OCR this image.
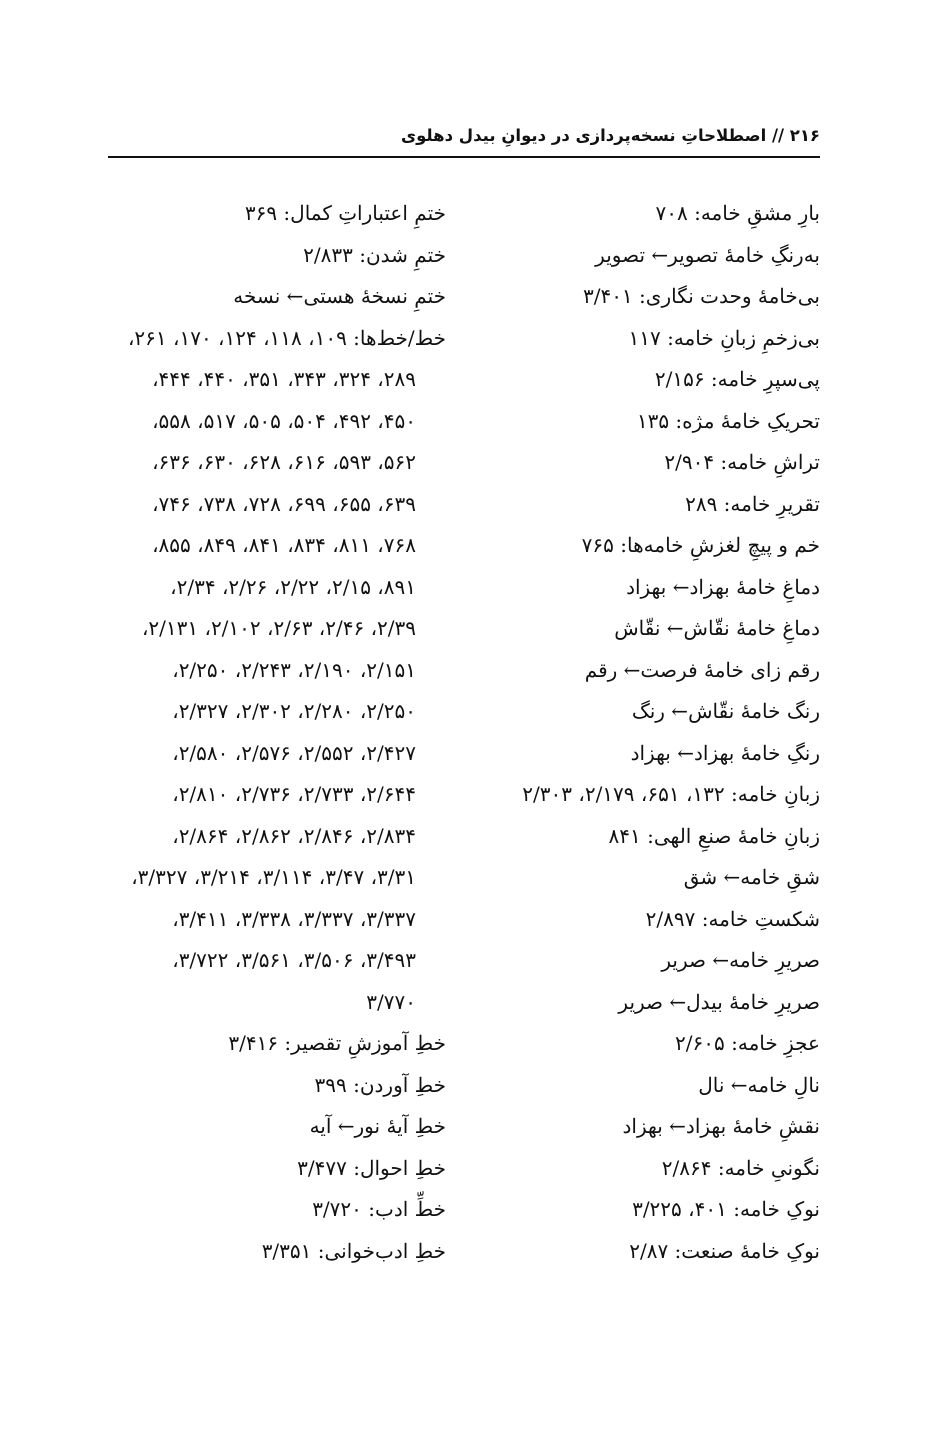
۲۱۶ // اصطلاحاتِ نسخه‌پردازی در دیوانِ بیدل دهلوی
بارِ مشقِ خامه: ۷۰۸
به‌رنگِ خامۀ تصویر← تصویر
بی‌خامۀ وحدت نگاری: ۳/۴۰۱
بی‌زخمِ زبانِ خامه: ۱۱۷
پی‌سپرِ خامه: ۲/۱۵۶
تحریکِ خامۀ مژه: ۱۳۵
تراشِ خامه: ۲/۹۰۴
تقریرِ خامه: ۲۸۹
خم و پیچِ لغزشِ خامه‌ها: ۷۶۵
دماغِ خامۀ بهزاد← بهزاد
دماغِ خامۀ نقّاش← نقّاش
رقم زای خامۀ فرصت← رقم
رنگ خامۀ نقّاش← رنگ
رنگِ خامۀ بهزاد← بهزاد
زبانِ خامه: ۱۳۲، ۶۵۱، ۲/۱۷۹، ۲/۳۰۳
زبانِ خامۀ صنعِ الهی: ۸۴۱
شقِ خامه← شق
شکستِ خامه: ۲/۸۹۷
صریرِ خامه← صریر
صریرِ خامۀ بیدل← صریر
عجزِ خامه: ۲/۶۰۵
نالِ خامه← نال
نقشِ خامۀ بهزاد← بهزاد
نگونیِ خامه: ۲/۸۶۴
نوکِ خامه: ۴۰۱، ۳/۲۲۵
نوکِ خامۀ صنعت: ۲/۸۷
ختمِ اعتباراتِ کمال: ۳۶۹
ختمِ شدن: ۲/۸۳۳
ختمِ نسخۀ هستی← نسخه
خط/خط‌ها: ۱۰۹، ۱۱۸، ۱۲۴، ۱۷۰، ۲۶۱،
۲۸۹، ۳۲۴، ۳۴۳، ۳۵۱، ۴۴۰، ۴۴۴،
۴۵۰، ۴۹۲، ۵۰۴، ۵۰۵، ۵۱۷، ۵۵۸،
۵۶۲، ۵۹۳، ۶۱۶، ۶۲۸، ۶۳۰، ۶۳۶،
۶۳۹، ۶۵۵، ۶۹۹، ۷۲۸، ۷۳۸، ۷۴۶،
۷۶۸، ۸۱۱، ۸۳۴، ۸۴۱، ۸۴۹، ۸۵۵،
۸۹۱، ۲/۱۵، ۲/۲۲، ۲/۲۶، ۲/۳۴،
۲/۳۹، ۲/۴۶، ۲/۶۳، ۲/۱۰۲، ۲/۱۳۱،
۲/۱۵۱، ۲/۱۹۰، ۲/۲۴۳، ۲/۲۵۰،
۲/۲۵۰، ۲/۲۸۰، ۲/۳۰۲، ۲/۳۲۷،
۲/۴۲۷، ۲/۵۵۲، ۲/۵۷۶، ۲/۵۸۰،
۲/۶۴۴، ۲/۷۳۳، ۲/۷۳۶، ۲/۸۱۰،
۲/۸۳۴، ۲/۸۴۶، ۲/۸۶۲، ۲/۸۶۴،
۳/۳۱، ۳/۴۷، ۳/۱۱۴، ۳/۲۱۴، ۳/۳۲۷،
۳/۳۳۷، ۳/۳۳۷، ۳/۳۳۸، ۳/۴۱۱،
۳/۴۹۳، ۳/۵۰۶، ۳/۵۶۱، ۳/۷۲۲،
۳/۷۷۰
خطِ آموزشِ تقصیر: ۳/۴۱۶
خطِ آوردن: ۳۹۹
خطِ آیۀ نور← آیه
خطِ احوال: ۳/۴۷۷
خطِّ ادب: ۳/۷۲۰
خطِ ادب‌خوانی: ۳/۳۵۱
